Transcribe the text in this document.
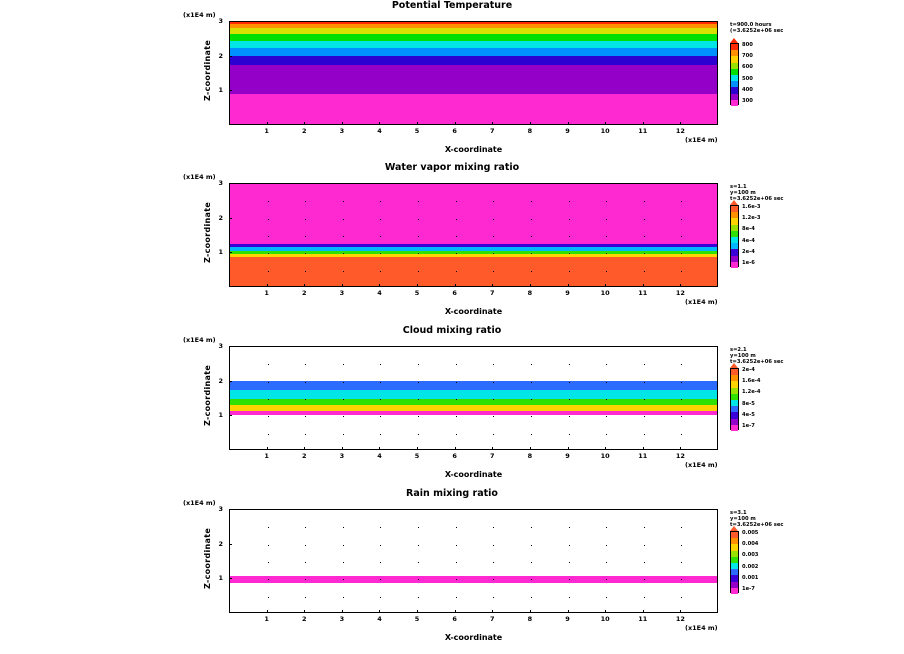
Potential Temperature
(x1E4 m)
1
2
3
1	2	3	4	5	6	7	8	9	10	11	12
(x1E4 m)
Z-coordinate
X-coordinate
t=900.0 hours
(=3.6252e+06 sec
800
700
600
500
400
300
Water vapor mixing ratio
(x1E4 m)
1
2
3
1	2	3	4	5	6	7	8	9	10	11	12
(x1E4 m)
Z-coordinate
X-coordinate
s=1.1
y=100 m
t=3.6252e+06 sec
1.6e-3
1.2e-3
8e-4
4e-4
2e-4
1e-6
Cloud mixing ratio
(x1E4 m)
1
2
3
1	2	3	4	5	6	7	8	9	10	11	12
(x1E4 m)
Z-coordinate
X-coordinate
s=2.1
y=100 m
t=3.6252e+06 sec
2e-4
1.6e-4
1.2e-4
8e-5
4e-5
1e-7
Rain mixing ratio
(x1E4 m)
1
2
3
1	2	3	4	5	6	7	8	9	10	11	12
(x1E4 m)
Z-coordinate
X-coordinate
s=3.1
y=100 m
t=3.6252e+06 sec
0.005
0.004
0.003
0.002
0.001
1e-7
